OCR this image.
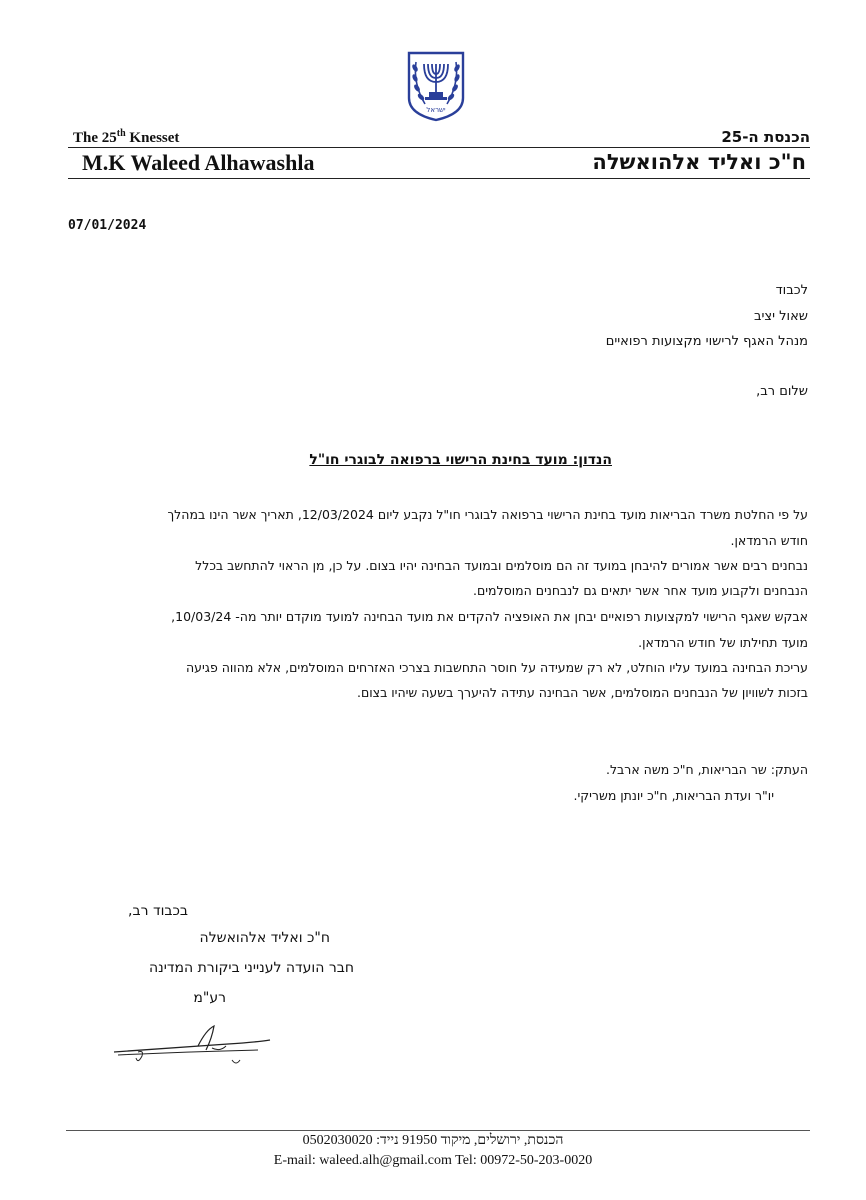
ישראל
The 25th Knesset	הכנסת ה-25
M.K Waleed Alhawashla	ח"כ ואליד אלהואשלה
07/01/2024
לכבוד
שאול יציב
מנהל האגף לרישוי מקצועות רפואיים
שלום רב,
הנדון: מועד בחינת הרישוי ברפואה לבוגרי חו"ל
על פי החלטת משרד הבריאות מועד בחינת הרישוי ברפואה לבוגרי חו"ל נקבע ליום 12/03/2024, תאריך אשר הינו במהלך
חודש הרמדאן.
נבחנים רבים אשר אמורים להיבחן במועד זה הם מוסלמים ובמועד הבחינה יהיו בצום. על כן, מן הראוי להתחשב בכלל
הנבחנים ולקבוע מועד אחר אשר יתאים גם לנבחנים המוסלמים.
אבקש שאגף הרישוי למקצועות רפואיים יבחן את האופציה להקדים את מועד הבחינה למועד מוקדם יותר מה- 10/03/24,
מועד תחילתו של חודש הרמדאן.
עריכת הבחינה במועד עליו הוחלט, לא רק שמעידה על חוסר התחשבות בצרכי האזרחים המוסלמים, אלא מהווה פגיעה
בזכות לשוויון של הנבחנים המוסלמים, אשר הבחינה עתידה להיערך בשעה שיהיו בצום.
העתק: שר הבריאות, ח"כ משה ארבל.
יו"ר ועדת הבריאות, ח"כ יונתן משריקי.
בכבוד רב,
ח"כ ואליד אלהואשלה
חבר הועדה לענייני ביקורת המדינה
רע"מ
הכנסת, ירושלים, מיקוד 91950 נייד: 0502030020
E-mail: waleed.alh@gmail.com Tel: 00972-50-203-0020
